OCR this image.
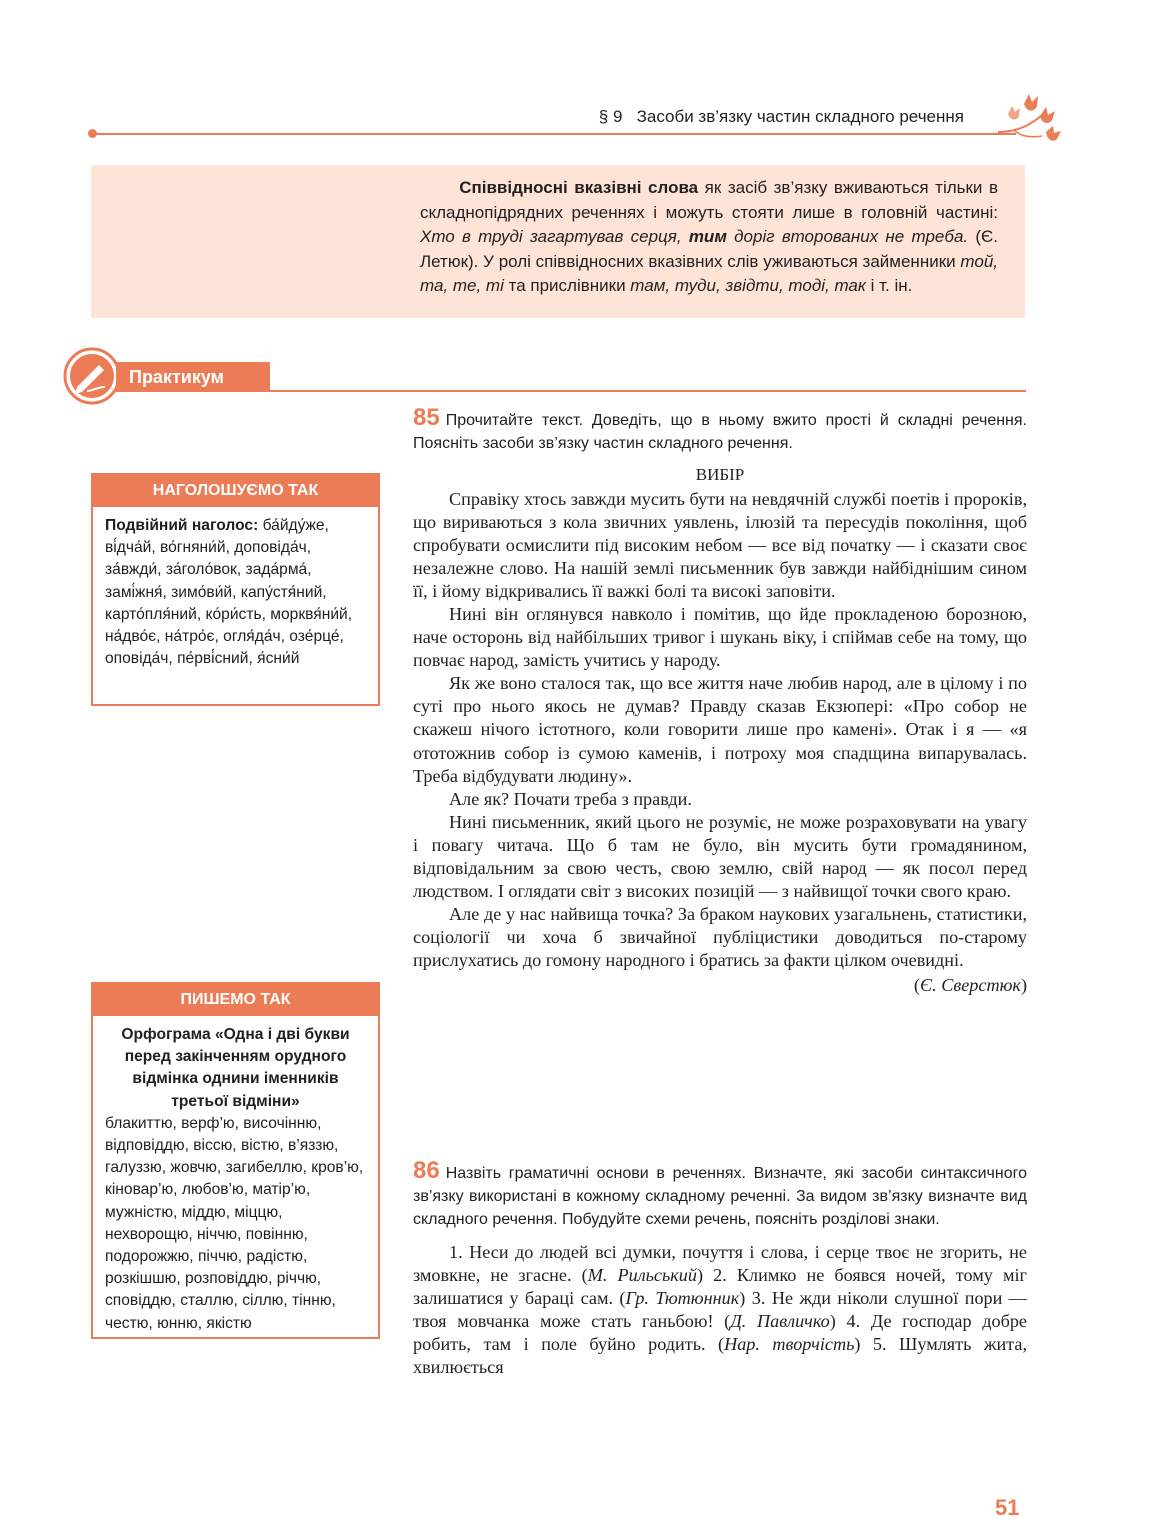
§ 9 Засоби зв’язку частин складного речення
Співвідносні вказівні слова як засіб зв’язку вживаються тільки в складнопідрядних реченнях і можуть стояти лише в головній частині: Хто в труді загартував серця, тим доріг второваних не треба. (Є. Летюк). У ролі співвідносних вказівних слів уживаються займенники той, та, те, ті та прислівники там, туди, звідти, тоді, так і т. ін.
Практикум
НАГОЛОШУЄМО ТАК
Подвійний наголос: ба́йду́же, ві́дча́й, во́гняни́й, доповіда́ч, за́вжди́, за́голо́вок, зада́рма́, замі́жня́, зимо́ви́й, капу́стя́ний, карто́пля́ний, ко́ри́сть, морквя́ни́й, на́дво́є, на́тро́є, огля́да́ч, озе́рце́, оповіда́ч, пе́рві́сний, я́сни́й
ПИШЕМО ТАК
Орфограма «Одна і дві букви перед закінченням орудного відмінка однини іменників третьої відміни»
блакиттю, верф’ю, височінню, відповіддю, віссю, вістю, в’яззю, галуззю, жовчю, загибеллю, кров’ю, кіновар’ю, любов’ю, матір’ю, мужністю, міддю, міццю, нехворощю, ніччю, повінню, подорожжю, піччю, радістю, розкішшю, розповіддю, річчю, сповіддю, сталлю, сіллю, тінню, честю, юнню, якістю
85 Прочитайте текст. Доведіть, що в ньому вжито прості й складні речення. Поясніть засоби зв’язку частин складного речення.
ВИБІР

Справіку хтось завжди мусить бути на невдячній службі поетів і пророків, що вириваються з кола звичних уявлень, ілюзій та пересудів покоління, щоб спробувати осмислити під високим небом — все від початку — і сказати своє незалежне слово. На нашій землі письменник був завжди найбіднішим сином її, і йому відкривались її важкі болі та високі заповіти.

Нині він оглянувся навколо і помітив, що йде прокладеною борозною, наче осторонь від найбільших тривог і шукань віку, і спіймав себе на тому, що повчає народ, замість учитись у народу.

Як же воно сталося так, що все життя наче любив народ, але в цілому і по суті про нього якось не думав? Правду сказав Екзюпері: «Про собор не скажеш нічого істотного, коли говорити лише про камені». Отак і я — «я ототожнив собор із сумою каменів, і потроху моя спадщина випарувалась. Треба відбудувати людину».

Але як? Почати треба з правди.

Нині письменник, який цього не розуміє, не може розраховувати на увагу і повагу читача. Що б там не було, він мусить бути громадянином, відповідальним за свою честь, свою землю, свій народ — як посол перед людством. І оглядати світ з високих позицій — з найвищої точки свого краю.

Але де у нас найвища точка? За браком наукових узагальнень, статистики, соціології чи хоча б звичайної публіцистики доводиться по-старому прислухатись до гомону народного і братись за факти цілком очевидні.

(Є. Сверстюк)
86 Назвіть граматичні основи в реченнях. Визначте, які засоби синтаксичного зв’язку використані в кожному складному реченні. За видом зв’язку визначте вид складного речення. Побудуйте схеми речень, поясніть розділові знаки.

1. Неси до людей всі думки, почуття і слова, і серце твоє не згорить, не змовкне, не згасне. (М. Рильський) 2. Климко не боявся ночей, тому міг залишатися у бараці сам. (Гр. Тютюнник) 3. Не жди ніколи слушної пори — твоя мовчанка може стать ганьбою! (Д. Павличко) 4. Де господар добре робить, там і поле буйно родить. (Нар. творчість) 5. Шумлять жита, хвилюється

51
